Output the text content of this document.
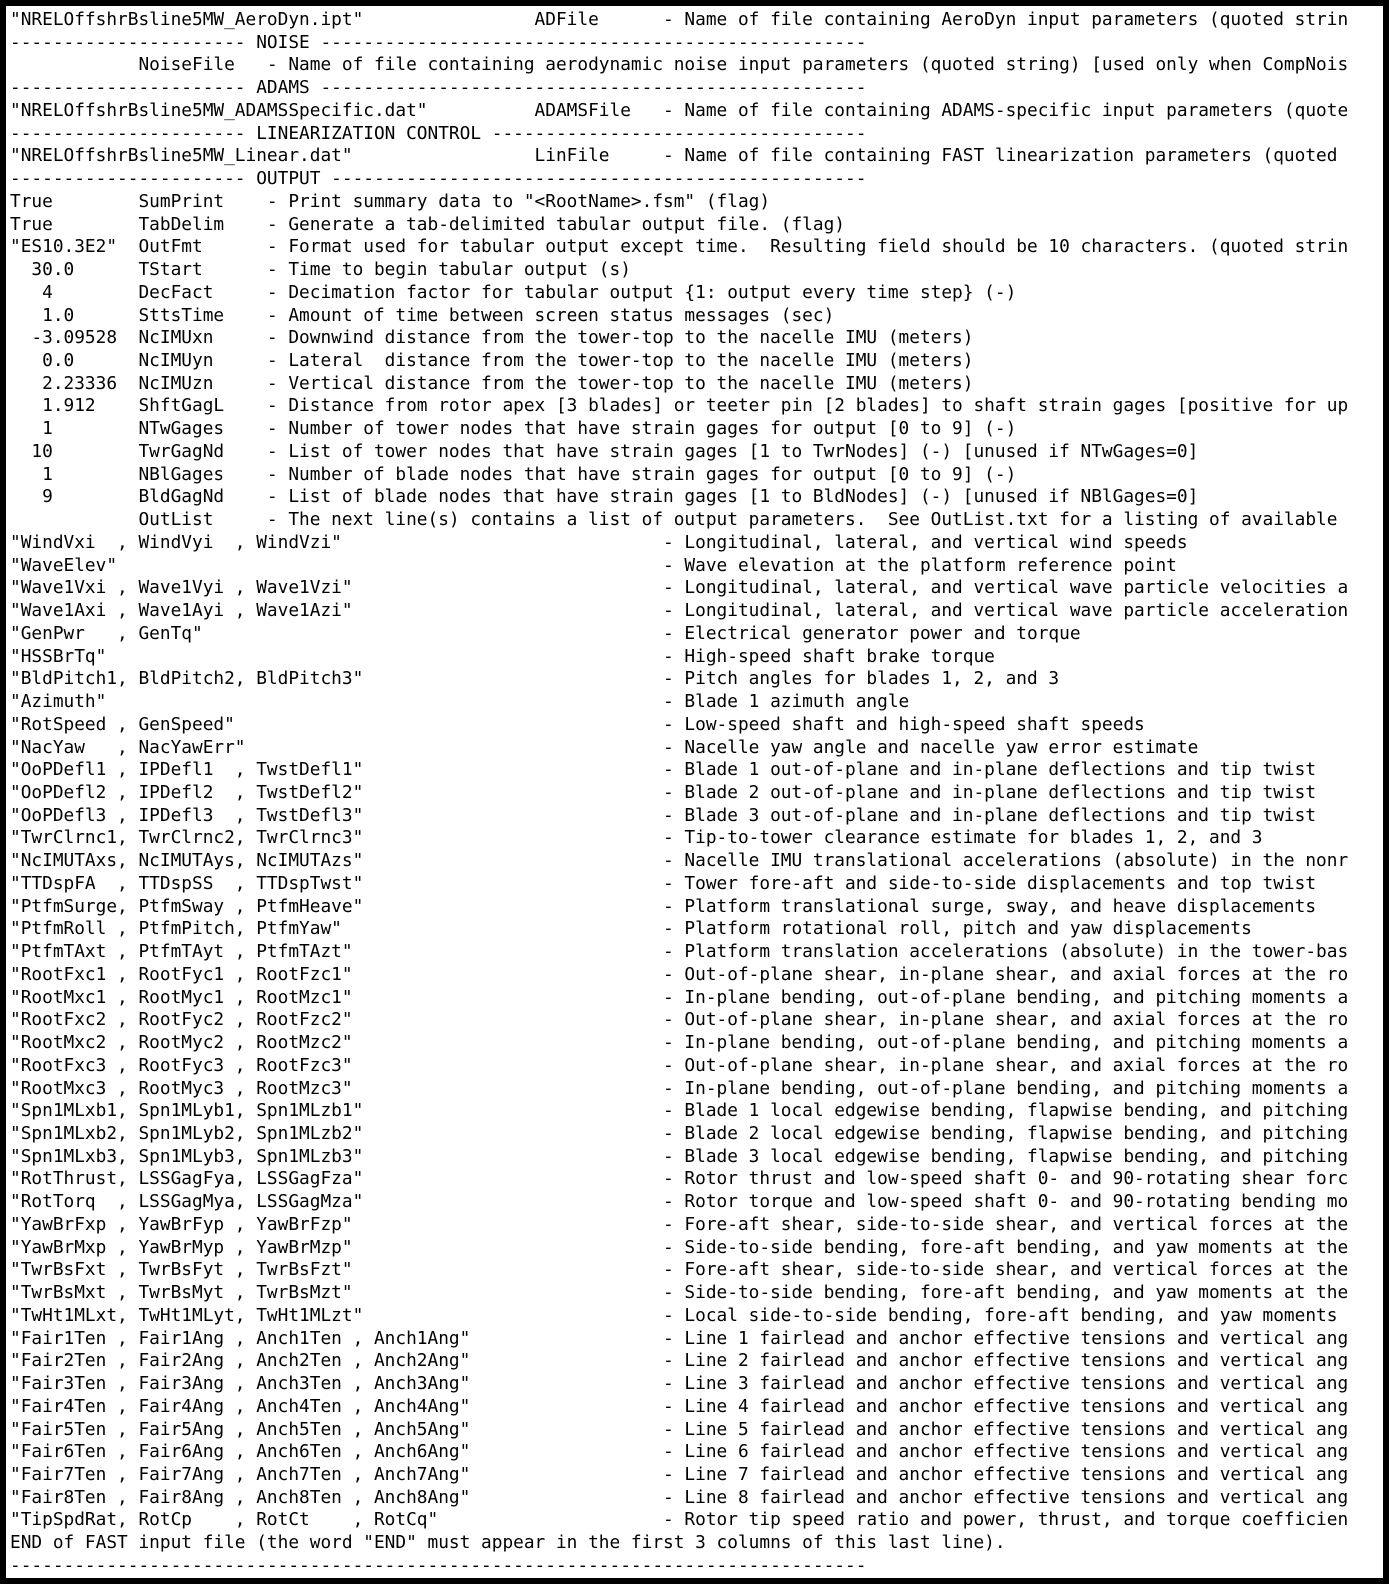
"NRELOffshrBsline5MW_AeroDyn.ipt"                ADFile      - Name of file containing AeroDyn input parameters (quoted strin
---------------------- NOISE ---------------------------------------------------
NoiseFile   - Name of file containing aerodynamic noise input parameters (quoted string) [used only when CompNois
---------------------- ADAMS ---------------------------------------------------
"NRELOffshrBsline5MW_ADAMSSpecific.dat"          ADAMSFile   - Name of file containing ADAMS-specific input parameters (quote
---------------------- LINEARIZATION CONTROL -----------------------------------
"NRELOffshrBsline5MW_Linear.dat"                 LinFile     - Name of file containing FAST linearization parameters (quoted
---------------------- OUTPUT --------------------------------------------------
True        SumPrint    - Print summary data to "<RootName>.fsm" (flag)
True        TabDelim    - Generate a tab-delimited tabular output file. (flag)
"ES10.3E2"  OutFmt      - Format used for tabular output except time.  Resulting field should be 10 characters. (quoted strin
30.0      TStart      - Time to begin tabular output (s)
4        DecFact     - Decimation factor for tabular output {1: output every time step} (-)
1.0      SttsTime    - Amount of time between screen status messages (sec)
-3.09528  NcIMUxn     - Downwind distance from the tower-top to the nacelle IMU (meters)
0.0      NcIMUyn     - Lateral  distance from the tower-top to the nacelle IMU (meters)
2.23336  NcIMUzn     - Vertical distance from the tower-top to the nacelle IMU (meters)
1.912    ShftGagL    - Distance from rotor apex [3 blades] or teeter pin [2 blades] to shaft strain gages [positive for up
1        NTwGages    - Number of tower nodes that have strain gages for output [0 to 9] (-)
10        TwrGagNd    - List of tower nodes that have strain gages [1 to TwrNodes] (-) [unused if NTwGages=0]
1        NBlGages    - Number of blade nodes that have strain gages for output [0 to 9] (-)
9        BldGagNd    - List of blade nodes that have strain gages [1 to BldNodes] (-) [unused if NBlGages=0]
OutList     - The next line(s) contains a list of output parameters.  See OutList.txt for a listing of available
"WindVxi  , WindVyi  , WindVzi"                              - Longitudinal, lateral, and vertical wind speeds
"WaveElev"                                                   - Wave elevation at the platform reference point
"Wave1Vxi , Wave1Vyi , Wave1Vzi"                             - Longitudinal, lateral, and vertical wave particle velocities a
"Wave1Axi , Wave1Ayi , Wave1Azi"                             - Longitudinal, lateral, and vertical wave particle acceleration
"GenPwr   , GenTq"                                           - Electrical generator power and torque
"HSSBrTq"                                                    - High-speed shaft brake torque
"BldPitch1, BldPitch2, BldPitch3"                            - Pitch angles for blades 1, 2, and 3
"Azimuth"                                                    - Blade 1 azimuth angle
"RotSpeed , GenSpeed"                                        - Low-speed shaft and high-speed shaft speeds
"NacYaw   , NacYawErr"                                       - Nacelle yaw angle and nacelle yaw error estimate
"OoPDefl1 , IPDefl1  , TwstDefl1"                            - Blade 1 out-of-plane and in-plane deflections and tip twist
"OoPDefl2 , IPDefl2  , TwstDefl2"                            - Blade 2 out-of-plane and in-plane deflections and tip twist
"OoPDefl3 , IPDefl3  , TwstDefl3"                            - Blade 3 out-of-plane and in-plane deflections and tip twist
"TwrClrnc1, TwrClrnc2, TwrClrnc3"                            - Tip-to-tower clearance estimate for blades 1, 2, and 3
"NcIMUTAxs, NcIMUTAys, NcIMUTAzs"                            - Nacelle IMU translational accelerations (absolute) in the nonr
"TTDspFA  , TTDspSS  , TTDspTwst"                            - Tower fore-aft and side-to-side displacements and top twist
"PtfmSurge, PtfmSway , PtfmHeave"                            - Platform translational surge, sway, and heave displacements
"PtfmRoll , PtfmPitch, PtfmYaw"                              - Platform rotational roll, pitch and yaw displacements
"PtfmTAxt , PtfmTAyt , PtfmTAzt"                             - Platform translation accelerations (absolute) in the tower-bas
"RootFxc1 , RootFyc1 , RootFzc1"                             - Out-of-plane shear, in-plane shear, and axial forces at the ro
"RootMxc1 , RootMyc1 , RootMzc1"                             - In-plane bending, out-of-plane bending, and pitching moments a
"RootFxc2 , RootFyc2 , RootFzc2"                             - Out-of-plane shear, in-plane shear, and axial forces at the ro
"RootMxc2 , RootMyc2 , RootMzc2"                             - In-plane bending, out-of-plane bending, and pitching moments a
"RootFxc3 , RootFyc3 , RootFzc3"                             - Out-of-plane shear, in-plane shear, and axial forces at the ro
"RootMxc3 , RootMyc3 , RootMzc3"                             - In-plane bending, out-of-plane bending, and pitching moments a
"Spn1MLxb1, Spn1MLyb1, Spn1MLzb1"                            - Blade 1 local edgewise bending, flapwise bending, and pitching
"Spn1MLxb2, Spn1MLyb2, Spn1MLzb2"                            - Blade 2 local edgewise bending, flapwise bending, and pitching
"Spn1MLxb3, Spn1MLyb3, Spn1MLzb3"                            - Blade 3 local edgewise bending, flapwise bending, and pitching
"RotThrust, LSSGagFya, LSSGagFza"                            - Rotor thrust and low-speed shaft 0- and 90-rotating shear forc
"RotTorq  , LSSGagMya, LSSGagMza"                            - Rotor torque and low-speed shaft 0- and 90-rotating bending mo
"YawBrFxp , YawBrFyp , YawBrFzp"                             - Fore-aft shear, side-to-side shear, and vertical forces at the
"YawBrMxp , YawBrMyp , YawBrMzp"                             - Side-to-side bending, fore-aft bending, and yaw moments at the
"TwrBsFxt , TwrBsFyt , TwrBsFzt"                             - Fore-aft shear, side-to-side shear, and vertical forces at the
"TwrBsMxt , TwrBsMyt , TwrBsMzt"                             - Side-to-side bending, fore-aft bending, and yaw moments at the
"TwHt1MLxt, TwHt1MLyt, TwHt1MLzt"                            - Local side-to-side bending, fore-aft bending, and yaw moments
"Fair1Ten , Fair1Ang , Anch1Ten , Anch1Ang"                  - Line 1 fairlead and anchor effective tensions and vertical ang
"Fair2Ten , Fair2Ang , Anch2Ten , Anch2Ang"                  - Line 2 fairlead and anchor effective tensions and vertical ang
"Fair3Ten , Fair3Ang , Anch3Ten , Anch3Ang"                  - Line 3 fairlead and anchor effective tensions and vertical ang
"Fair4Ten , Fair4Ang , Anch4Ten , Anch4Ang"                  - Line 4 fairlead and anchor effective tensions and vertical ang
"Fair5Ten , Fair5Ang , Anch5Ten , Anch5Ang"                  - Line 5 fairlead and anchor effective tensions and vertical ang
"Fair6Ten , Fair6Ang , Anch6Ten , Anch6Ang"                  - Line 6 fairlead and anchor effective tensions and vertical ang
"Fair7Ten , Fair7Ang , Anch7Ten , Anch7Ang"                  - Line 7 fairlead and anchor effective tensions and vertical ang
"Fair8Ten , Fair8Ang , Anch8Ten , Anch8Ang"                  - Line 8 fairlead and anchor effective tensions and vertical ang
"TipSpdRat, RotCp    , RotCt    , RotCq"                     - Rotor tip speed ratio and power, thrust, and torque coefficien
END of FAST input file (the word "END" must appear in the first 3 columns of this last line).
--------------------------------------------------------------------------------
